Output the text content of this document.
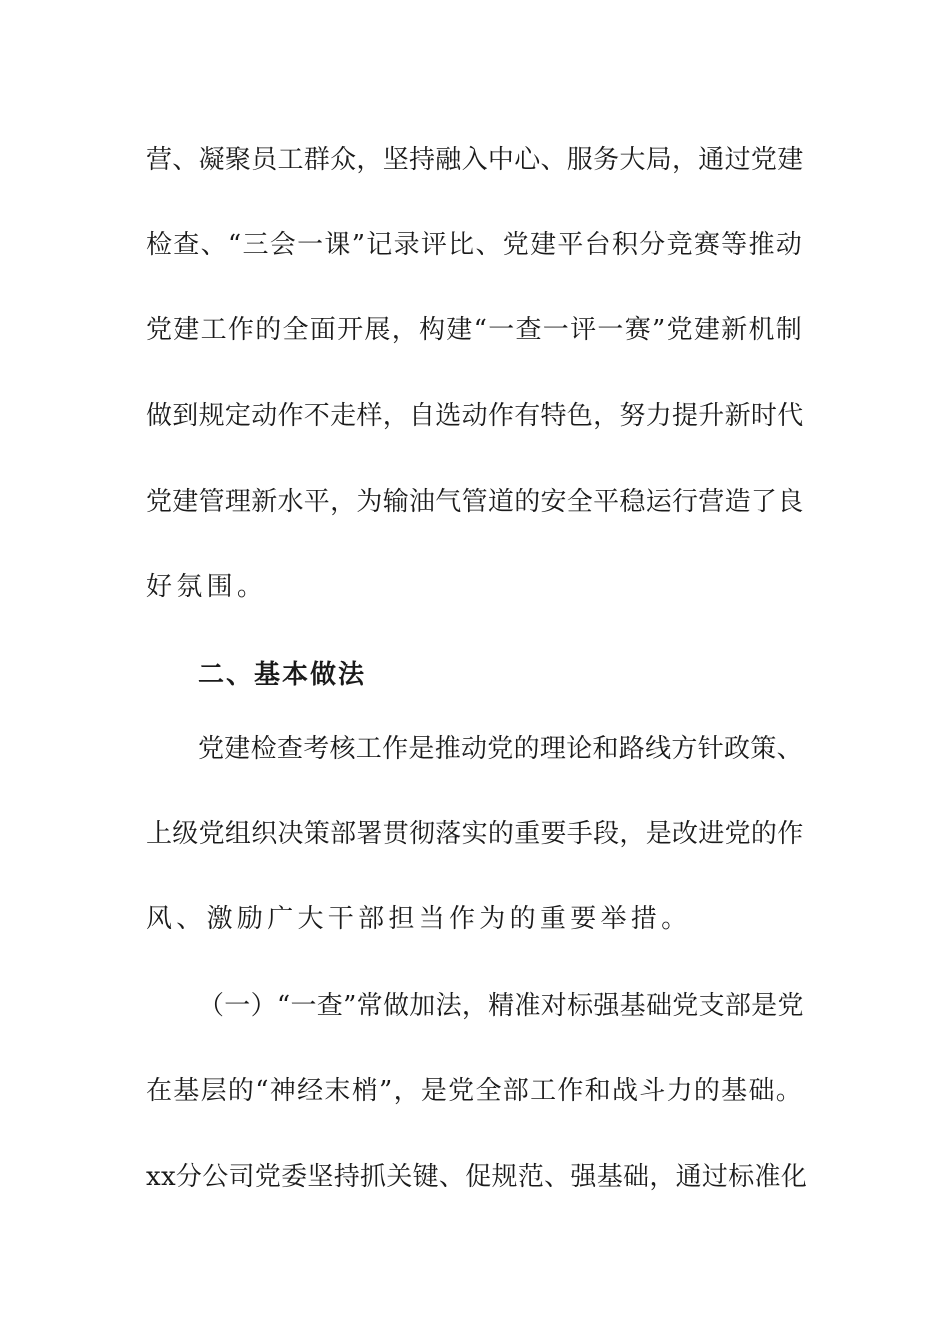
营、凝聚员工群众，坚持融入中心、服务大局，通过党建
检查、“三会一课”记录评比、党建平台积分竞赛等推动
党建工作的全面开展，构建“一查一评一赛”党建新机制
做到规定动作不走样，自选动作有特色，努力提升新时代
党建管理新水平，为输油气管道的安全平稳运行营造了良
好氛围。
二、基本做法
党建检查考核工作是推动党的理论和路线方针政策、
上级党组织决策部署贯彻落实的重要手段，是改进党的作
风、激励广大干部担当作为的重要举措。
（一）“一查”常做加法，精准对标强基础党支部是党
在基层的“神经末梢”，是党全部工作和战斗力的基础。
xx分公司党委坚持抓关键、促规范、强基础，通过标准化
